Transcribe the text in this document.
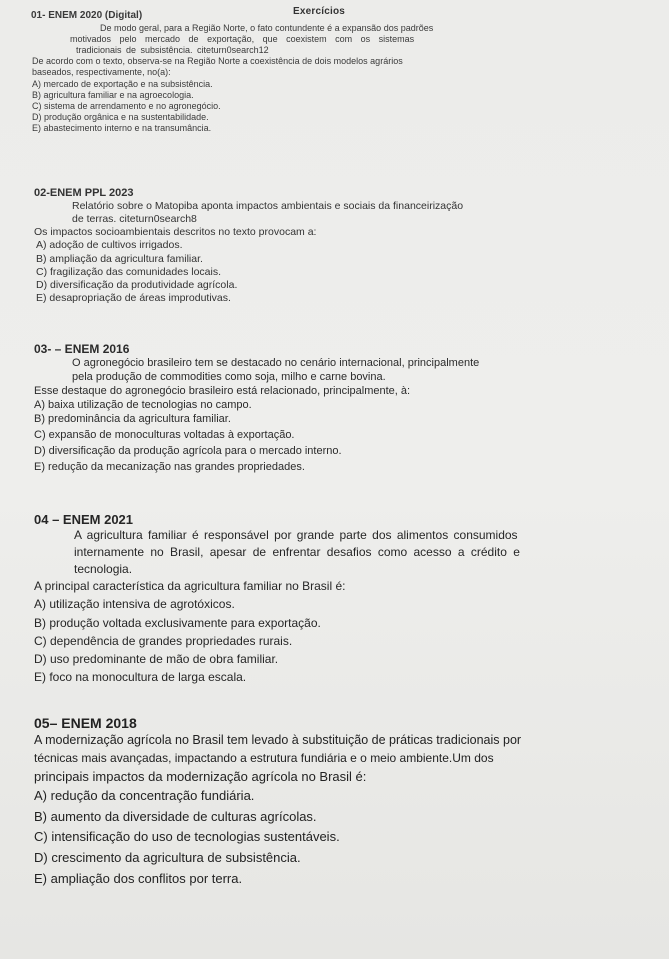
Exercícios
01- ENEM 2020 (Digital)
De modo geral, para a Região Norte, o fato contundente é a expansão dos padrões
motivados pelo mercado de exportação, que coexistem com os sistemas
tradicionais de subsistência. citeturn0search12
De acordo com o texto, observa-se na Região Norte a coexistência de dois modelos agrários
baseados, respectivamente, no(a):
A) mercado de exportação e na subsistência.
B) agricultura familiar e na agroecologia.
C) sistema de arrendamento e no agronegócio.
D) produção orgânica e na sustentabilidade.
E) abastecimento interno e na transumância.
02-ENEM PPL 2023
Relatório sobre o Matopiba aponta impactos ambientais e sociais da financeirização
de terras. citeturn0search8
Os impactos socioambientais descritos no texto provocam a:
A) adoção de cultivos irrigados.
B) ampliação da agricultura familiar.
C) fragilização das comunidades locais.
D) diversificação da produtividade agrícola.
E) desapropriação de áreas improdutivas.
03- – ENEM 2016
O agronegócio brasileiro tem se destacado no cenário internacional, principalmente
pela produção de commodities como soja, milho e carne bovina.
Esse destaque do agronegócio brasileiro está relacionado, principalmente, à:
A) baixa utilização de tecnologias no campo.
B) predominância da agricultura familiar.
C) expansão de monoculturas voltadas à exportação.
D) diversificação da produção agrícola para o mercado interno.
E) redução da mecanização nas grandes propriedades.
04 – ENEM 2021
A agricultura familiar é responsável por grande parte dos alimentos consumidos
internamente no Brasil, apesar de enfrentar desafios como acesso a crédito e
tecnologia.
A principal característica da agricultura familiar no Brasil é:
A) utilização intensiva de agrotóxicos.
B) produção voltada exclusivamente para exportação.
C) dependência de grandes propriedades rurais.
D) uso predominante de mão de obra familiar.
E) foco na monocultura de larga escala.
05– ENEM 2018
A modernização agrícola no Brasil tem levado à substituição de práticas tradicionais por
técnicas mais avançadas, impactando a estrutura fundiária e o meio ambiente.Um dos
principais impactos da modernização agrícola no Brasil é:
A) redução da concentração fundiária.
B) aumento da diversidade de culturas agrícolas.
C) intensificação do uso de tecnologias sustentáveis.
D) crescimento da agricultura de subsistência.
E) ampliação dos conflitos por terra.
